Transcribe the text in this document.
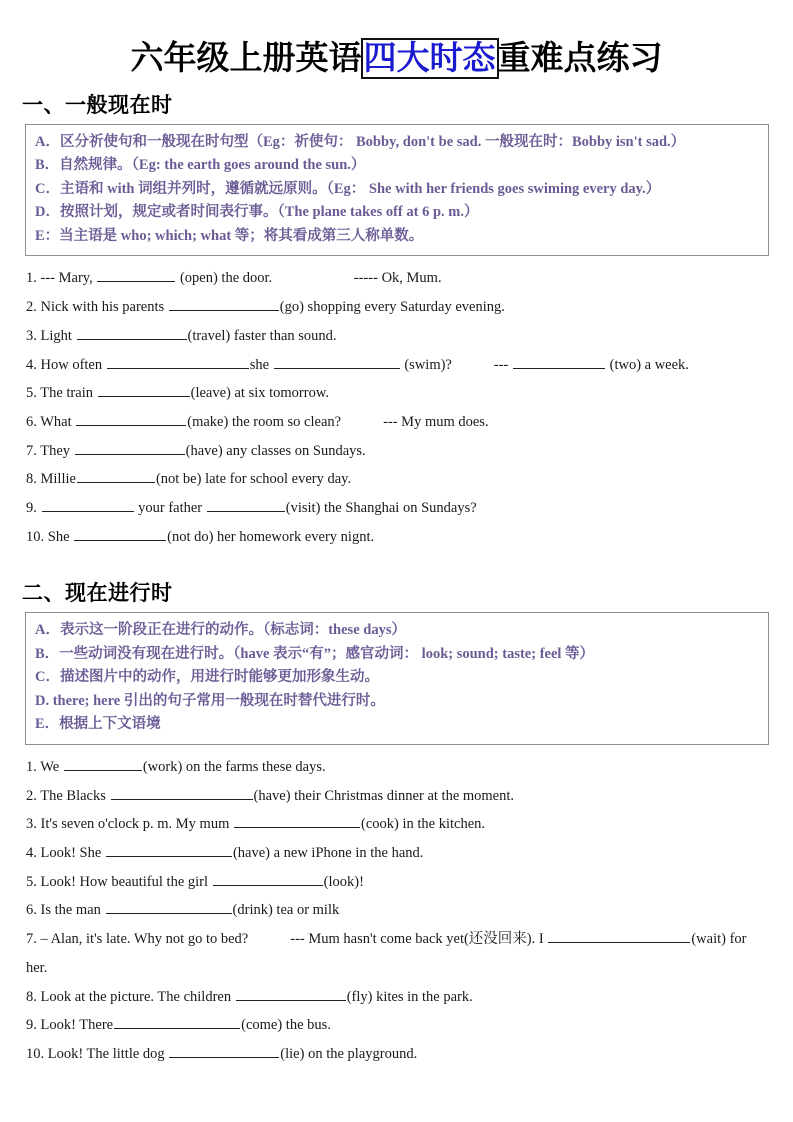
六年级上册英语四大时态重难点练习
一、一般现在时
A．区分祈使句和一般现在时句型（Eg：祈使句： Bobby, don't be sad. 一般现在时：Bobby isn't sad.）
B．自然规律。（Eg: the earth goes around the sun.）
C．主语和 with 词组并列时，遵循就远原则。（Eg： She with her friends goes swiming every day.）
D．按照计划，规定或者时间表行事。（The plane takes off at 6 p. m.）
E：当主语是 who; which; what 等；将其看成第三人称单数。
1. --- Mary,	(open) the door.	----- Ok, Mum.
2. Nick with his parents	(go) shopping every Saturday evening.
3. Light	(travel) faster than sound.
4. How often	she	(swim)?	---	(two) a week.
5. The train	(leave) at six tomorrow.
6. What	(make) the room so clean?	--- My mum does.
7. They	(have) any classes on Sundays.
8. Millie	(not be) late for school every day.
9.	your father	(visit) the Shanghai on Sundays?
10. She	(not do) her homework every nignt.
二、现在进行时
A．表示这一阶段正在进行的动作。（标志词：these days）
B．一些动词没有现在进行时。（have 表示“有”；感官动词： look; sound; taste; feel 等）
C．描述图片中的动作，用进行时能够更加形象生动。
D. there; here 引出的句子常用一般现在时替代进行时。
E．根据上下文语境
1. We	(work) on the farms these days.
2. The Blacks	(have) their Christmas dinner at the moment.
3. It's seven o'clock p. m. My mum	(cook) in the kitchen.
4. Look! She	(have) a new iPhone in the hand.
5. Look! How beautiful the girl	(look)!
6. Is the man	(drink) tea or milk
7. – Alan, it's late. Why not go to bed?	--- Mum hasn't come back yet(还没回来). I	(wait) for her.
8. Look at the picture. The children	(fly) kites in the park.
9. Look! There	(come) the bus.
10. Look! The little dog	(lie) on the playground.
